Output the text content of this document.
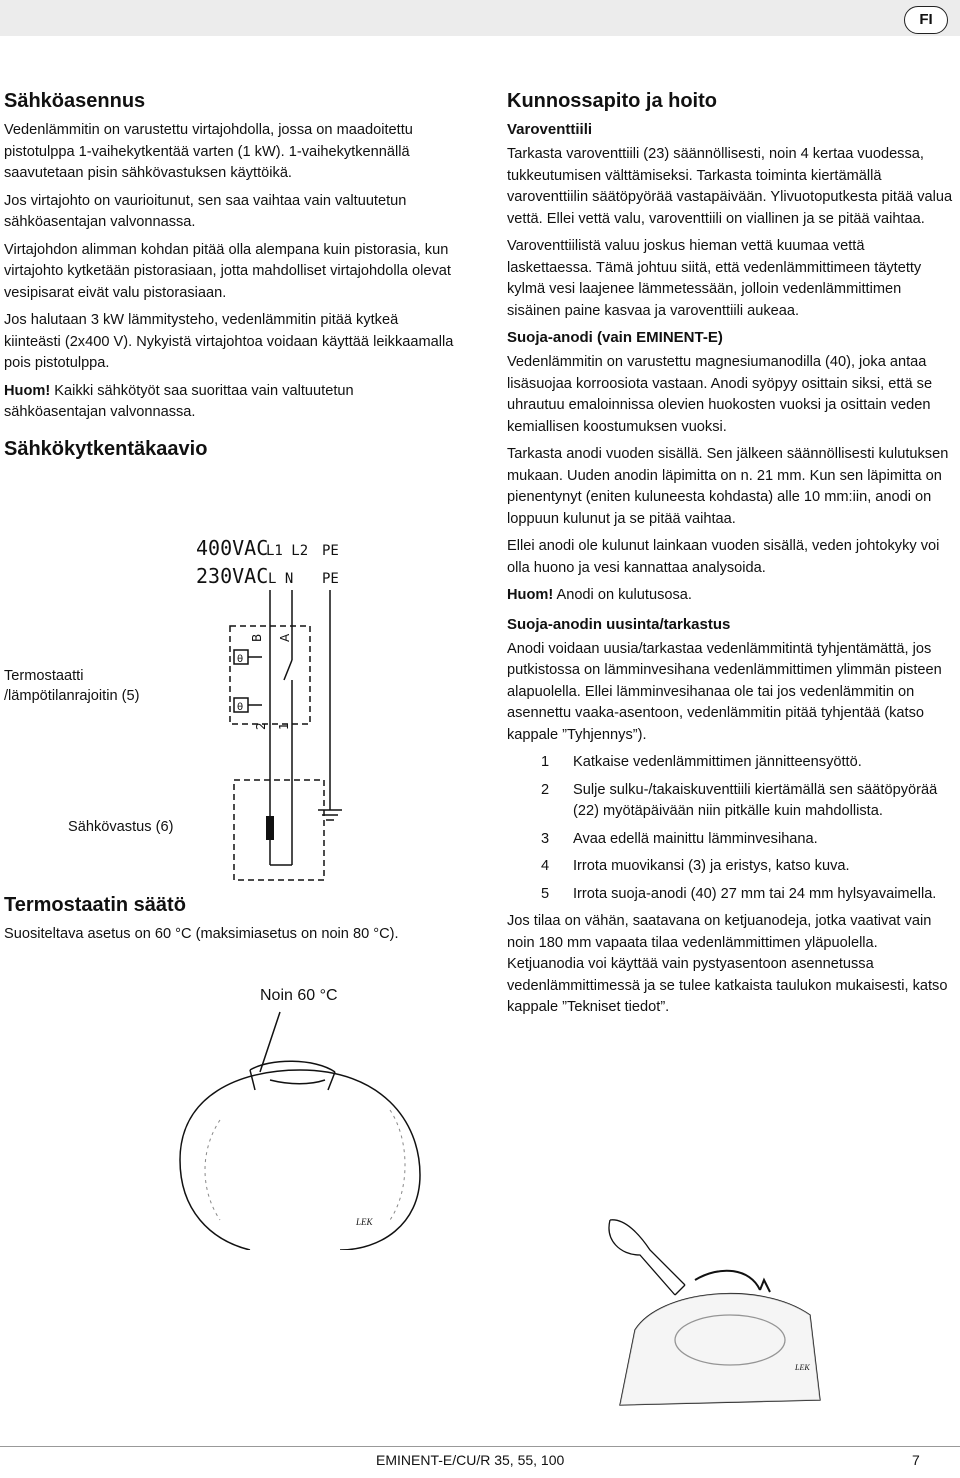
FI
Sähköasennus

Vedenlämmitin on varustettu virtajohdolla, jossa on maadoitettu pistotulppa 1-vaihekytkentää varten (1 kW). 1-vaihekytkennällä saavutetaan pisin sähkövastuksen käyttöikä.

Jos virtajohto on vaurioitunut, sen saa vaihtaa vain valtuutetun sähköasentajan valvonnassa.

Virtajohdon alimman kohdan pitää olla alempana kuin pistorasia, kun virtajohto kytketään pistorasiaan, jotta mahdolliset virtajohdolla olevat vesipisarat eivät valu pistorasiaan.

Jos halutaan 3 kW lämmitysteho, vedenlämmitin pitää kytkeä kiinteästi (2x400 V). Nykyistä virtajohtoa voidaan käyttää leikkaamalla pois pistotulppa.

Huom! Kaikki sähkötyöt saa suorittaa vain valtuutetun sähköasentajan valvonnassa.

Sähkökytkentäkaavio
400VAC
230VAC
L1 L2
L N
PE
PE
B A
2 1
θ
θ
Termostaatti
/lämpötilanrajoitin (5)
Sähkövastus (6)
Termostaatin säätö

Suositeltava asetus on 60 °C (maksimiasetus on noin 80 °C).

Noin 60 °C
Kunnossapito ja hoito
Varoventtiili

Tarkasta varoventtiili (23) säännöllisesti, noin 4 kertaa vuodessa, tukkeutumisen välttämiseksi. Tarkasta toiminta kiertämällä varoventtiilin säätöpyörää vastapäivään. Ylivuotoputkesta pitää valua vettä. Ellei vettä valu, varoventtiili on viallinen ja se pitää vaihtaa.

Varoventtiilistä valuu joskus hieman vettä kuumaa vettä laskettaessa. Tämä johtuu siitä, että vedenlämmittimeen täytetty kylmä vesi laajenee lämmetessään, jolloin vedenlämmittimen sisäinen paine kasvaa ja varoventtiili aukeaa.

Suoja-anodi (vain EMINENT-E)

Vedenlämmitin on varustettu magnesiumanodilla (40), joka antaa lisäsuojaa korroosiota vastaan. Anodi syöpyy osittain siksi, että se uhrautuu emaloinnissa olevien huokosten vuoksi ja osittain veden kemiallisen koostumuksen vuoksi.

Tarkasta anodi vuoden sisällä. Sen jälkeen säännöllisesti kulutuksen mukaan. Uuden anodin läpimitta on n. 21 mm. Kun sen läpimitta on pienentynyt (eniten kuluneesta kohdasta) alle 10 mm:iin, anodi on loppuun kulunut ja se pitää vaihtaa.

Ellei anodi ole kulunut lainkaan vuoden sisällä, veden johtokyky voi olla huono ja vesi kannattaa analysoida.

Huom! Anodi on kulutusosa.

Suoja-anodin uusinta/tarkastus

Anodi voidaan uusia/tarkastaa vedenlämmitintä tyhjentämättä, jos putkistossa on lämminvesihana vedenlämmittimen ylimmän pisteen alapuolella. Ellei lämminvesihanaa ole tai jos vedenlämmitin on asennettu vaaka-asentoon, vedenlämmitin pitää tyhjentää (katso kappale ”Tyhjennys”).

1 Katkaise vedenlämmittimen jännitteensyöttö.
2 Sulje sulku-/takaiskuventtiili kiertämällä sen säätöpyörää (22) myötäpäivään niin pitkälle kuin mahdollista.
3 Avaa edellä mainittu lämminvesihana.
4 Irrota muovikansi (3) ja eristys, katso kuva.
5 Irrota suoja-anodi (40) 27 mm tai 24 mm hylsyavaimella.

Jos tilaa on vähän, saatavana on ketjuanodeja, jotka vaativat vain noin 180 mm vapaata tilaa vedenlämmittimen yläpuolella. Ketjuanodia voi käyttää vain pystyasentoon asennetussa vedenlämmittimessä ja se tulee katkaista taulukon mukaisesti, katso kappale ”Tekniset tiedot”.

LEK
LEK
EMINENT-E/CU/R 35, 55, 100	7
